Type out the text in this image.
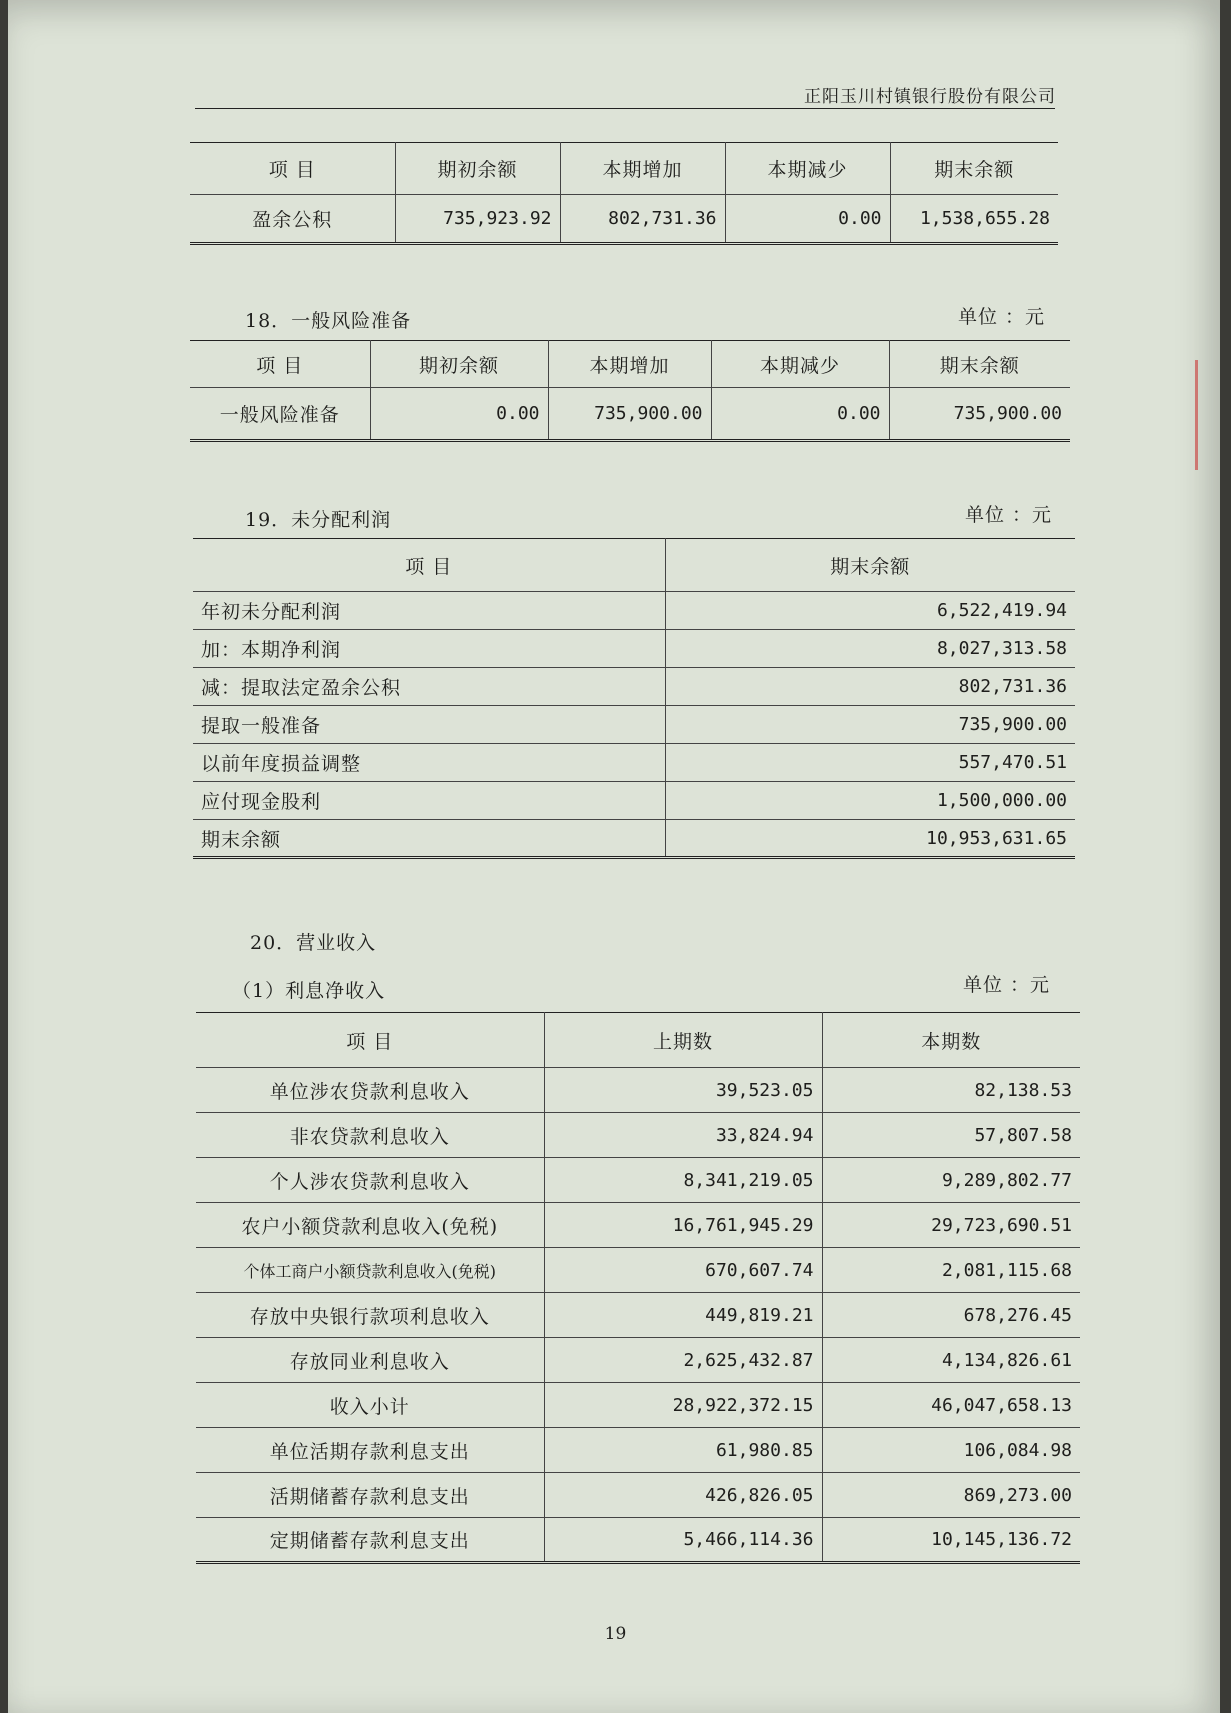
正阳玉川村镇银行股份有限公司
项 目	期初余额	本期增加	本期减少	期末余额
盈余公积	735,923.92	802,731.36	0.00	1,538,655.28
18．一般风险准备	单位 ：元
项 目	期初余额	本期增加	本期减少	期末余额
一般风险准备	0.00	735,900.00	0.00	735,900.00
19．未分配利润	单位 ：元
项 目	期末余额
年初未分配利润	6,522,419.94
加：本期净利润	8,027,313.58
减：提取法定盈余公积	802,731.36
提取一般准备	735,900.00
以前年度损益调整	557,470.51
应付现金股利	1,500,000.00
期末余额	10,953,631.65
20．营业收入
（1）利息净收入	单位 ：元
项 目	上期数	本期数
单位涉农贷款利息收入	39,523.05	82,138.53
非农贷款利息收入	33,824.94	57,807.58
个人涉农贷款利息收入	8,341,219.05	9,289,802.77
农户小额贷款利息收入(免税)	16,761,945.29	29,723,690.51
个体工商户小额贷款利息收入(免税)	670,607.74	2,081,115.68
存放中央银行款项利息收入	449,819.21	678,276.45
存放同业利息收入	2,625,432.87	4,134,826.61
收入小计	28,922,372.15	46,047,658.13
单位活期存款利息支出	61,980.85	106,084.98
活期储蓄存款利息支出	426,826.05	869,273.00
定期储蓄存款利息支出	5,466,114.36	10,145,136.72
19
